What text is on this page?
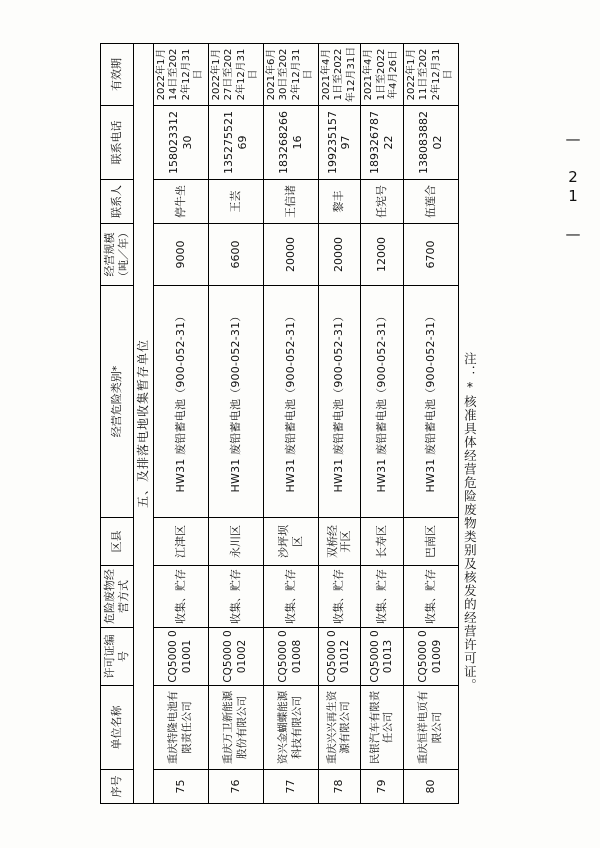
— 21 —
注：*核准具体经营危险废物类别及核发的经营许可证。
序号	单位名称	许可证编号	危险废物经营方式	区县	经营危险类别*	经营规模（吨／年）	联系人	联系电话	有效期
五、及排落电地收集暂存单位									
75	重庆特隆电池有限责任公司	CQ5000 001001	收集、贮存	江津区	HW31 废铅蓄电池（900-052-31）	9000	停牛坐	15802331230	2022年1月14日至2022年12月31日
76	重庆万卫新能源股份有限公司	CQ5000 001002	收集、贮存	永川区	HW31 废铅蓄电池（900-052-31）	6600	王芸	13527552169	2022年1月27日至2022年12月31日
77	资兴金蝴蝶能源科技有限公司	CQ5000 001008	收集、贮存	沙坪坝区	HW31 废铅蓄电池（900-052-31）	20000	王信诸	18326826616	2021年6月30日至2022年12月31日
78	重庆兴兴再生资源有限公司	CQ5000 001012	收集、贮存	双桥经开区	HW31 废铅蓄电池（900-052-31）	20000	黎丰	19923515797	2021年4月1日至2022年12月31日
79	民银汽车有限责任公司	CQ5000 001013	收集、贮存	长寿区	HW31 废铅蓄电池（900-052-31）	12000	任宪号	18932678722	2021年4月1日至2022年4月26日
80	重庆恒祥电页有限公司	CQ5000 001009	收集、贮存	巴南区	HW31 废铅蓄电池（900-052-31）	6700	伍莲合	13808388202	2022年1月11日至2022年12月31日
